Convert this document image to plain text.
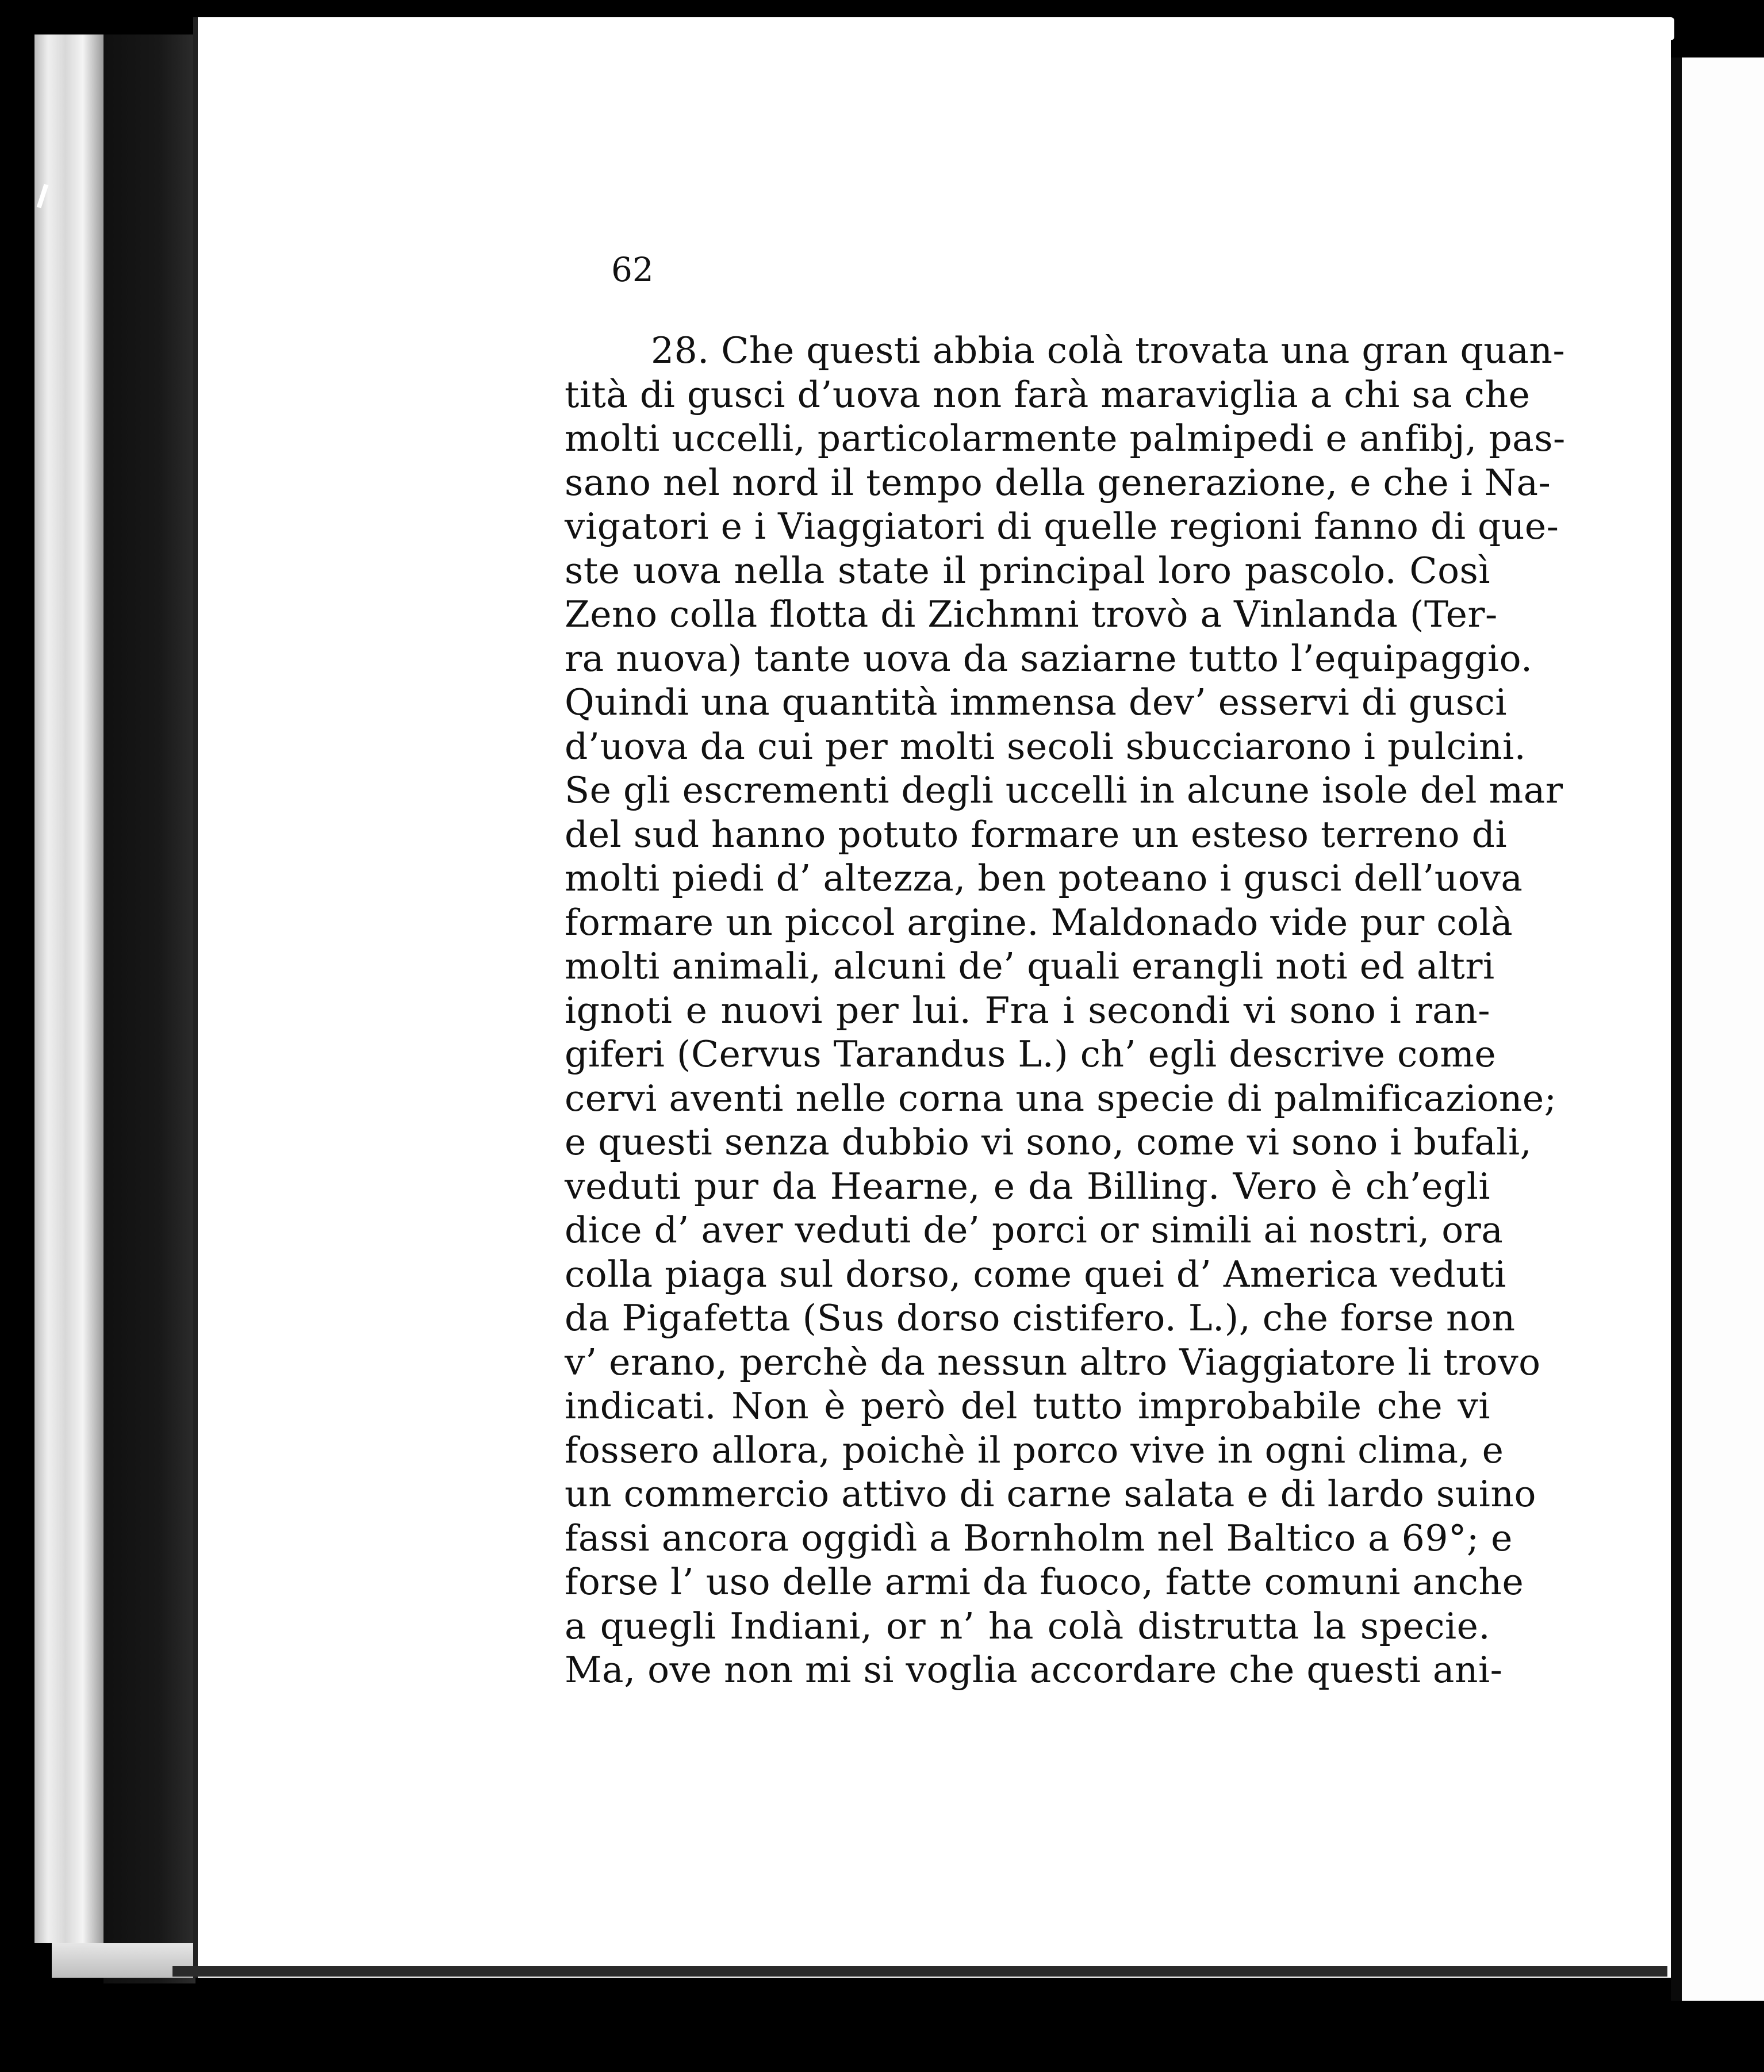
62
28. Che questi abbia colà trovata una gran quan-
tità di gusci d’uova non farà maraviglia a chi sa che
molti uccelli, particolarmente palmipedi e anfibj, pas-
sano nel nord il tempo della generazione, e che i Na-
vigatori e i Viaggiatori di quelle regioni fanno di que-
ste uova nella state il principal loro pascolo. Così
Zeno colla flotta di Zichmni trovò a Vinlanda (Ter-
ra nuova) tante uova da saziarne tutto l’equipaggio.
Quindi una quantità immensa dev’ esservi di gusci
d’uova da cui per molti secoli sbucciarono i pulcini.
Se gli escrementi degli uccelli in alcune isole del mar
del sud hanno potuto formare un esteso terreno di
molti piedi d’ altezza, ben poteano i gusci dell’uova
formare un piccol argine. Maldonado vide pur colà
molti animali, alcuni de’ quali erangli noti ed altri
ignoti e nuovi per lui. Fra i secondi vi sono i ran-
giferi (Cervus Tarandus L.) ch’ egli descrive come
cervi aventi nelle corna una specie di palmificazione;
e questi senza dubbio vi sono, come vi sono i bufali,
veduti pur da Hearne, e da Billing. Vero è ch’egli
dice d’ aver veduti de’ porci or simili ai nostri, ora
colla piaga sul dorso, come quei d’ America veduti
da Pigafetta (Sus dorso cistifero. L.), che forse non
v’ erano, perchè da nessun altro Viaggiatore li trovo
indicati. Non è però del tutto improbabile che vi
fossero allora, poichè il porco vive in ogni clima, e
un commercio attivo di carne salata e di lardo suino
fassi ancora oggidì a Bornholm nel Baltico a 69°; e
forse l’ uso delle armi da fuoco, fatte comuni anche
a quegli Indiani, or n’ ha colà distrutta la specie.
Ma, ove non mi si voglia accordare che questi ani-
